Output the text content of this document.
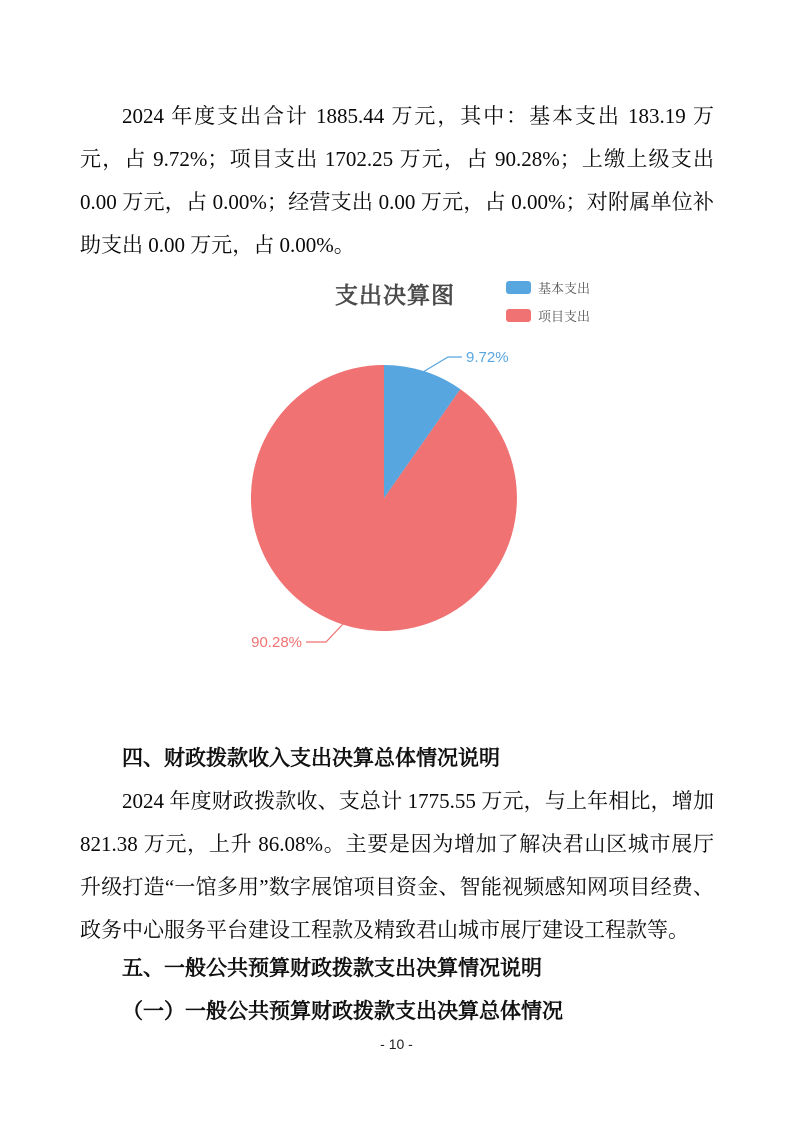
2024 年度支出合计 1885.44 万元，其中：基本支出 183.19 万元，占 9.72%；项目支出 1702.25 万元，占 90.28%；上缴上级支出 0.00 万元，占 0.00%；经营支出 0.00 万元，占 0.00%；对附属单位补助支出 0.00 万元，占 0.00%。

支出决算图	基本支出
项目支出
9.72%
90.28%
四、财政拨款收入支出决算总体情况说明

2024 年度财政拨款收、支总计 1775.55 万元，与上年相比，增加 821.38 万元，上升 86.08%。主要是因为增加了解决君山区城市展厅升级打造“一馆多用”数字展馆项目资金、智能视频感知网项目经费、政务中心服务平台建设工程款及精致君山城市展厅建设工程款等。

五、一般公共预算财政拨款支出决算情况说明
（一）一般公共预算财政拨款支出决算总体情况
- 10 -
